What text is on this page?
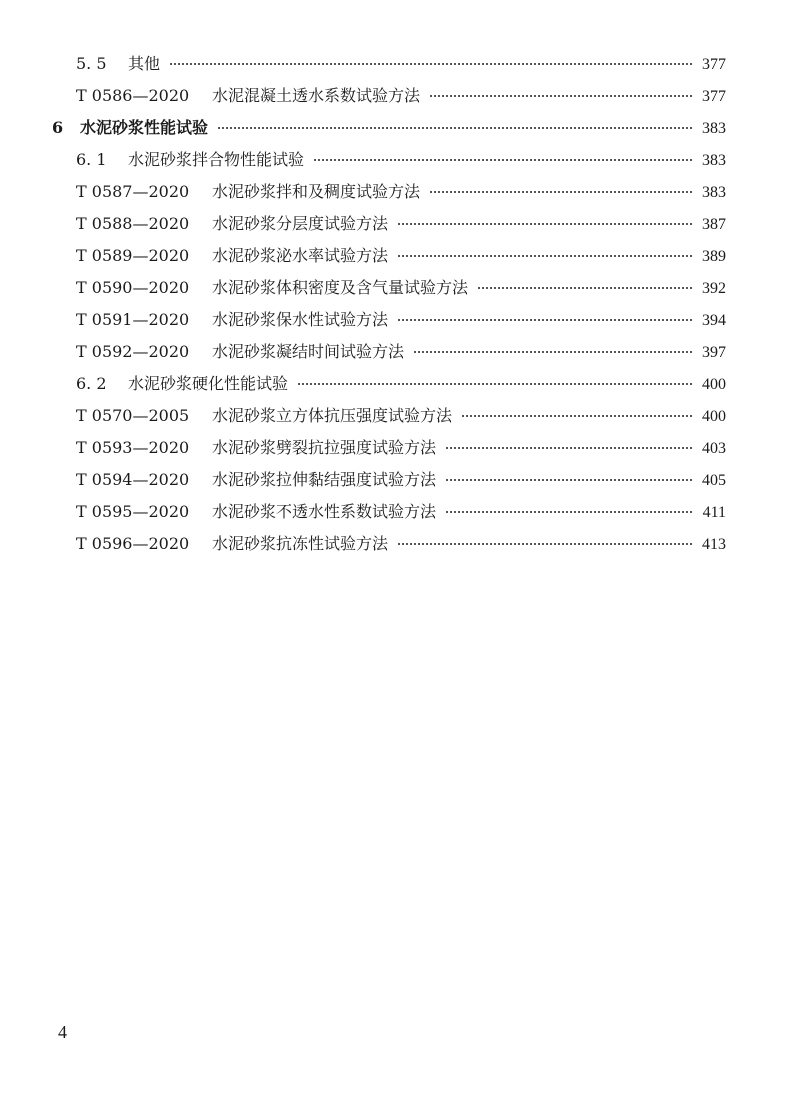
5. 5	其他	377
T 0586—2020	水泥混凝土透水系数试验方法	377
6	水泥砂浆性能试验	383
6. 1	水泥砂浆拌合物性能试验	383
T 0587—2020	水泥砂浆拌和及稠度试验方法	383
T 0588—2020	水泥砂浆分层度试验方法	387
T 0589—2020	水泥砂浆泌水率试验方法	389
T 0590—2020	水泥砂浆体积密度及含气量试验方法	392
T 0591—2020	水泥砂浆保水性试验方法	394
T 0592—2020	水泥砂浆凝结时间试验方法	397
6. 2	水泥砂浆硬化性能试验	400
T 0570—2005	水泥砂浆立方体抗压强度试验方法	400
T 0593—2020	水泥砂浆劈裂抗拉强度试验方法	403
T 0594—2020	水泥砂浆拉伸黏结强度试验方法	405
T 0595—2020	水泥砂浆不透水性系数试验方法	411
T 0596—2020	水泥砂浆抗冻性试验方法	413
4
